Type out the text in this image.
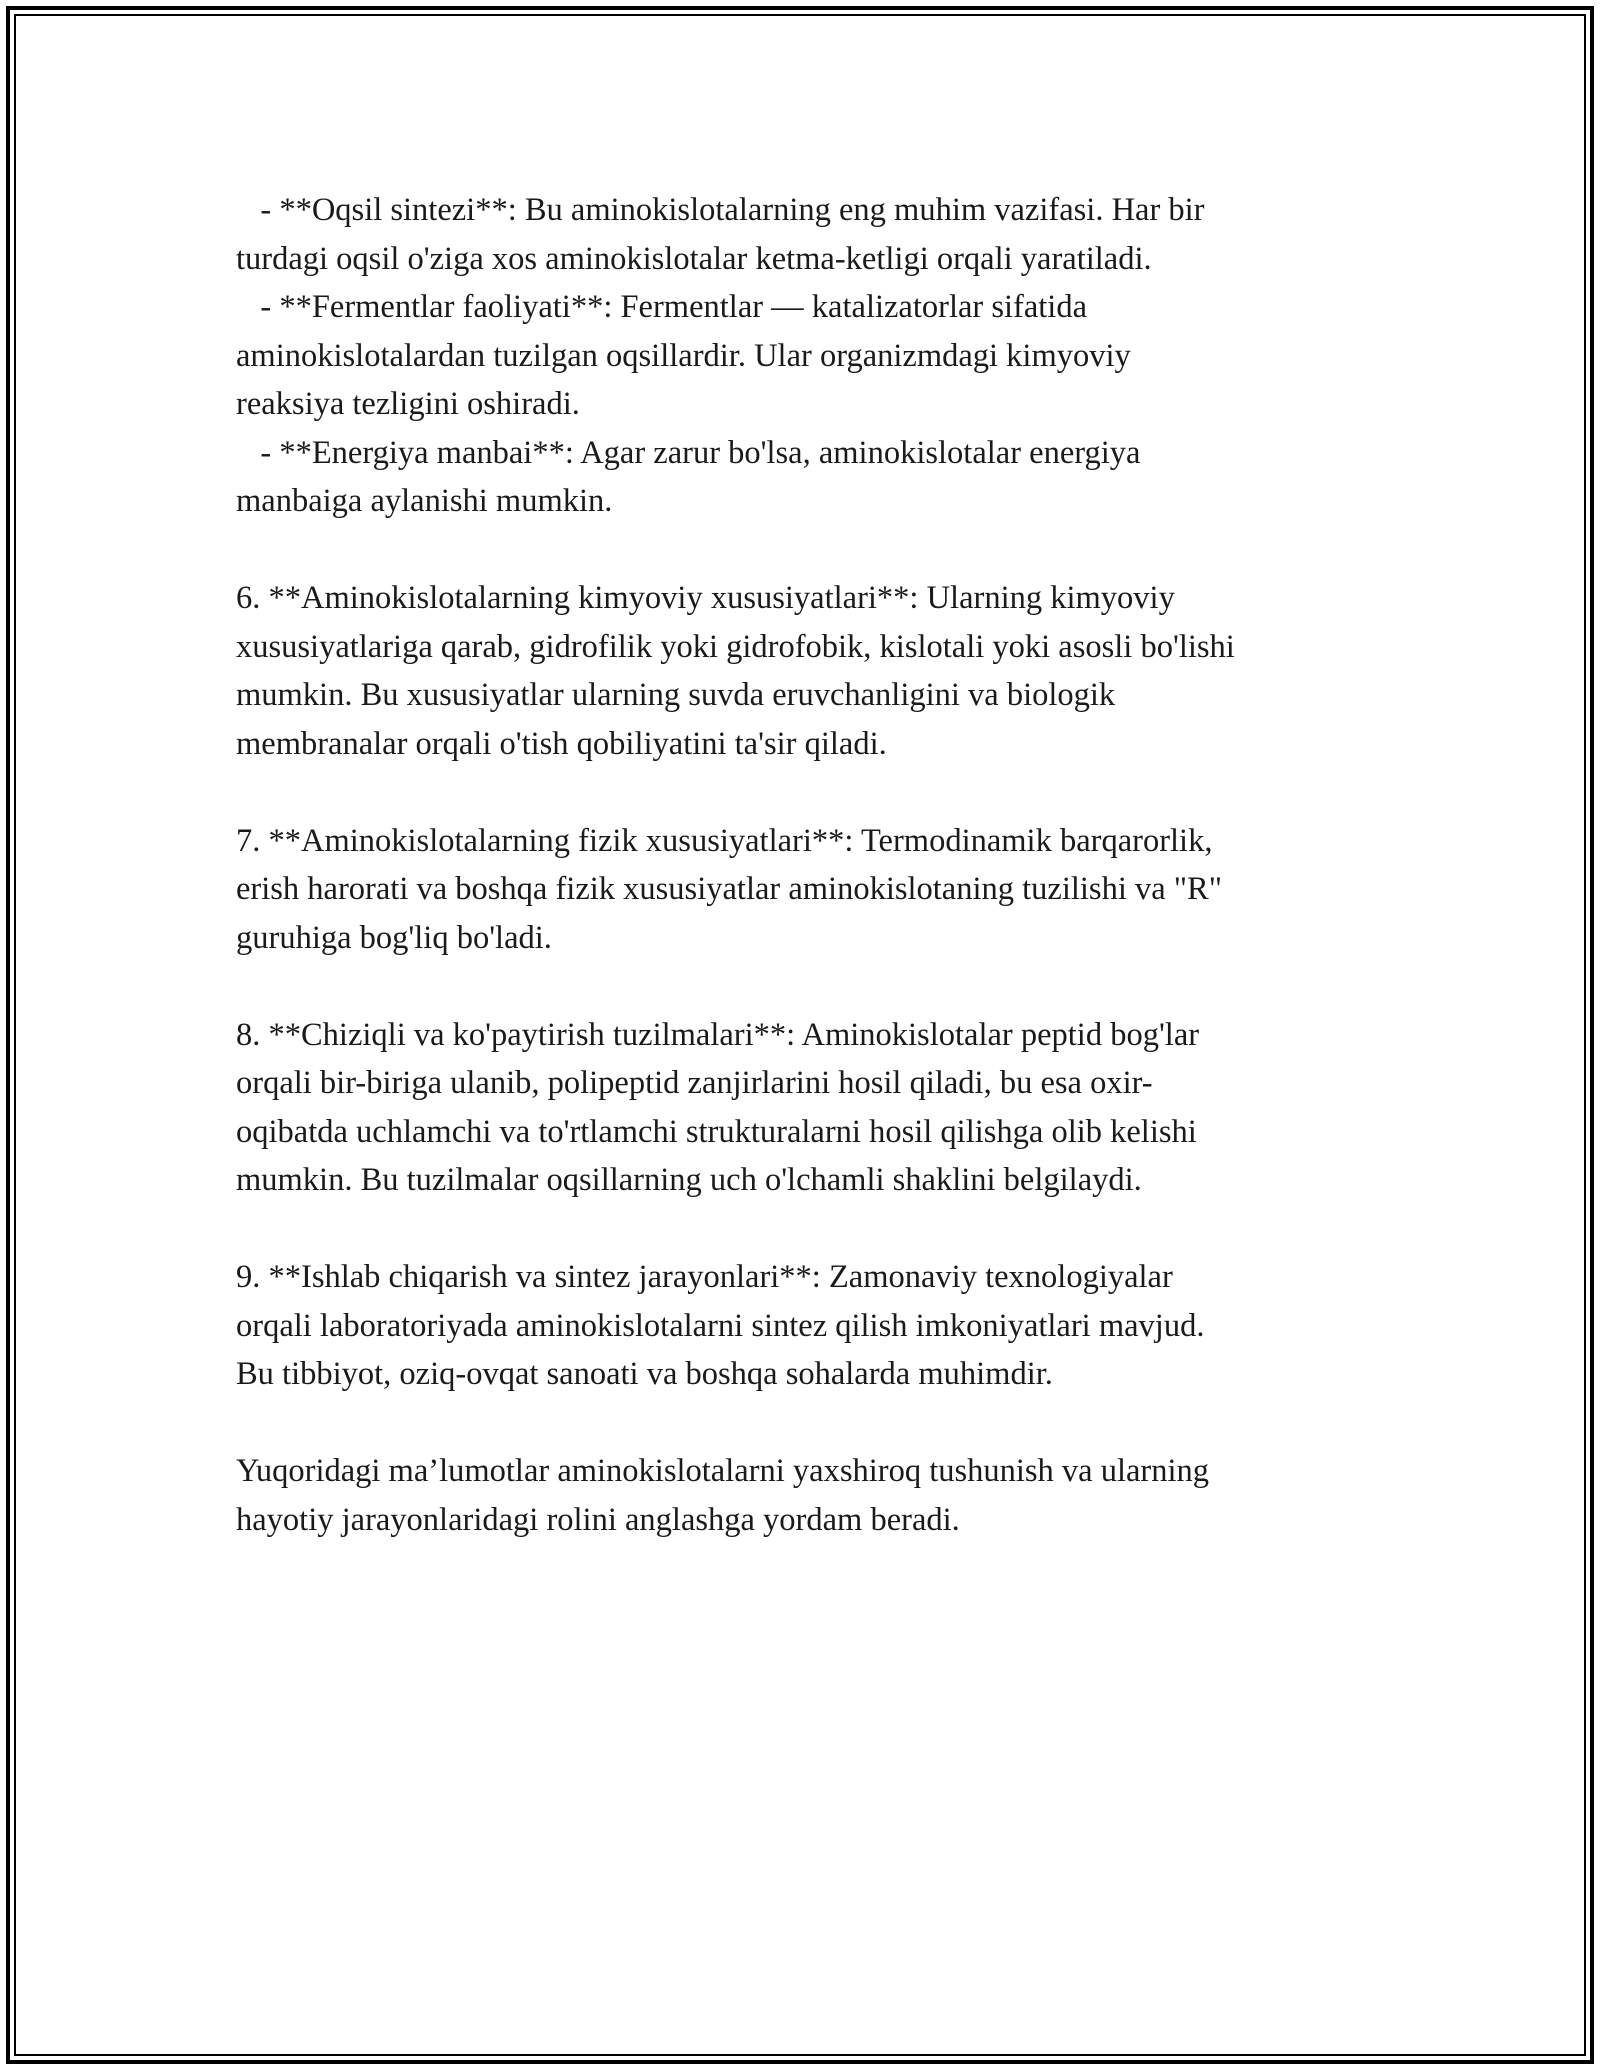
- **Oqsil sintezi**: Bu aminokislotalarning eng muhim vazifasi. Har bir
turdagi oqsil o'ziga xos aminokislotalar ketma-ketligi orqali yaratiladi.
- **Fermentlar faoliyati**: Fermentlar — katalizatorlar sifatida
aminokislotalardan tuzilgan oqsillardir. Ular organizmdagi kimyoviy
reaksiya tezligini oshiradi.
- **Energiya manbai**: Agar zarur bo'lsa, aminokislotalar energiya
manbaiga aylanishi mumkin.
6. **Aminokislotalarning kimyoviy xususiyatlari**: Ularning kimyoviy
xususiyatlariga qarab, gidrofilik yoki gidrofobik, kislotali yoki asosli bo'lishi
mumkin. Bu xususiyatlar ularning suvda eruvchanligini va biologik
membranalar orqali o'tish qobiliyatini ta'sir qiladi.
7. **Aminokislotalarning fizik xususiyatlari**: Termodinamik barqarorlik,
erish harorati va boshqa fizik xususiyatlar aminokislotaning tuzilishi va "R"
guruhiga bog'liq bo'ladi.
8. **Chiziqli va ko'paytirish tuzilmalari**: Aminokislotalar peptid bog'lar
orqali bir-biriga ulanib, polipeptid zanjirlarini hosil qiladi, bu esa oxir-
oqibatda uchlamchi va to'rtlamchi strukturalarni hosil qilishga olib kelishi
mumkin. Bu tuzilmalar oqsillarning uch o'lchamli shaklini belgilaydi.
9. **Ishlab chiqarish va sintez jarayonlari**: Zamonaviy texnologiyalar
orqali laboratoriyada aminokislotalarni sintez qilish imkoniyatlari mavjud.
Bu tibbiyot, oziq-ovqat sanoati va boshqa sohalarda muhimdir.
Yuqoridagi ma’lumotlar aminokislotalarni yaxshiroq tushunish va ularning
hayotiy jarayonlaridagi rolini anglashga yordam beradi.
